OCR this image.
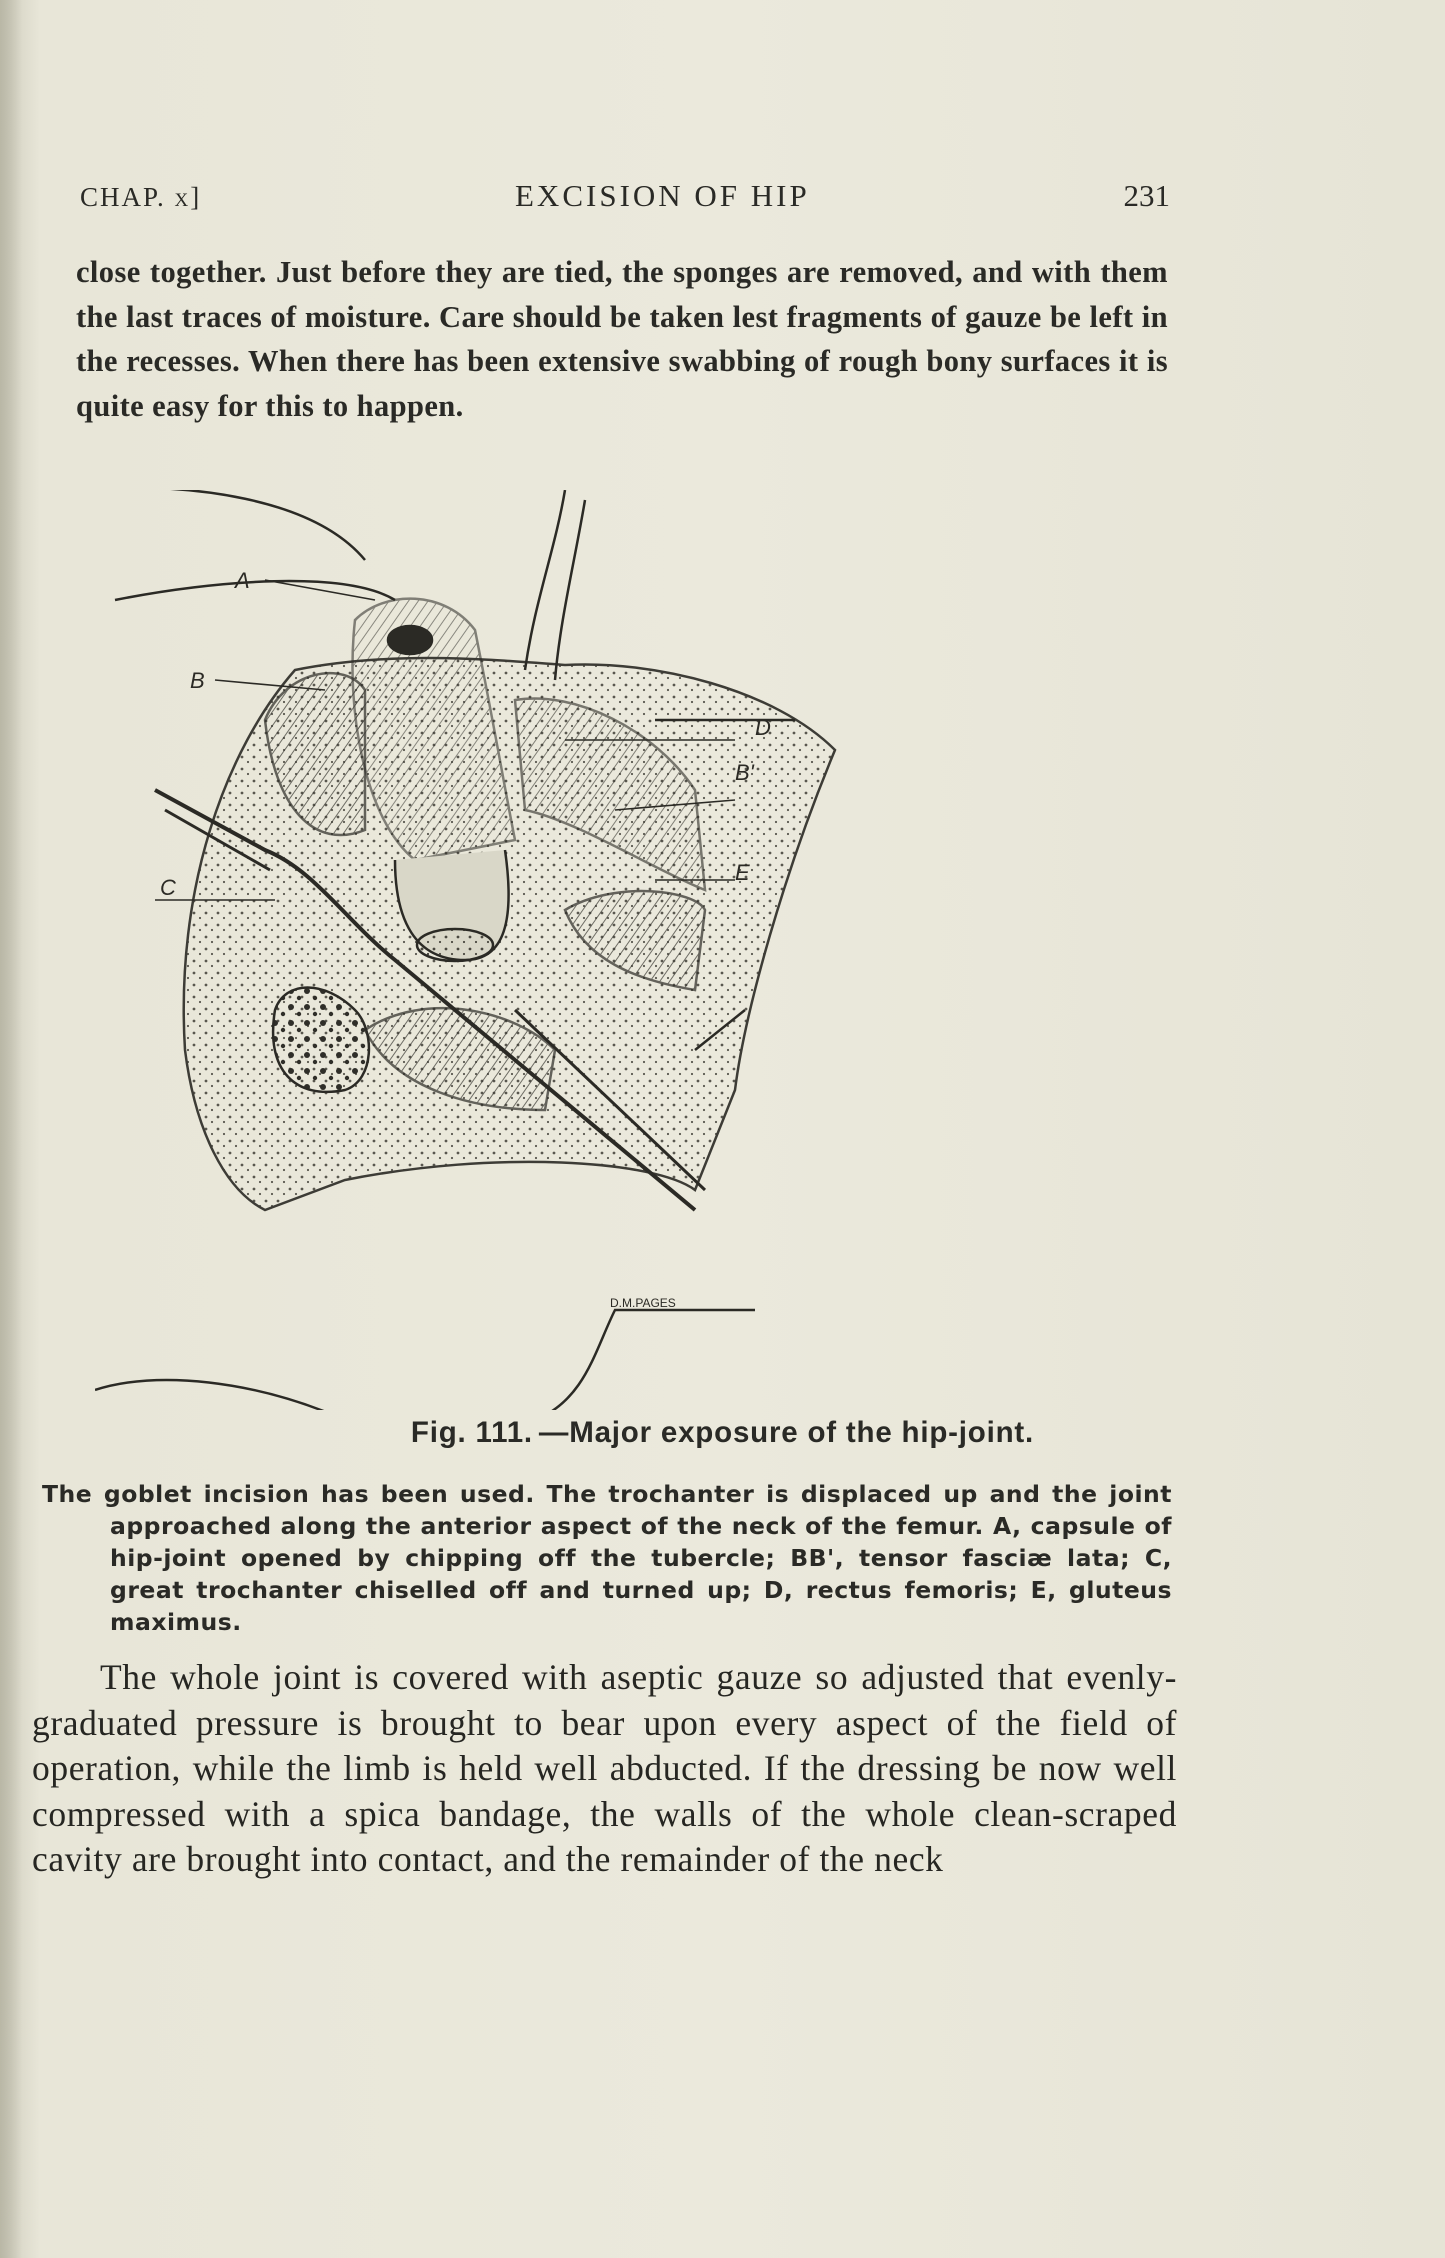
CHAP. x]	EXCISION OF HIP	231
close together. Just before they are tied, the sponges are removed, and with them the last traces of moisture. Care should be taken lest fragments of gauze be left in the recesses. When there has been extensive swabbing of rough bony surfaces it is quite easy for this to happen.
A
B
C
D
B'
E
D.M.PAGES
Fig. 111. —Major exposure of the hip-joint.
The goblet incision has been used. The trochanter is displaced up and the joint approached along the anterior aspect of the neck of the femur. A, capsule of hip-joint opened by chipping off the tubercle; BB', tensor fasciæ lata; C, great trochanter chiselled off and turned up; D, rectus femoris; E, gluteus maximus.
The whole joint is covered with aseptic gauze so adjusted that evenly-graduated pressure is brought to bear upon every aspect of the field of operation, while the limb is held well abducted. If the dressing be now well compressed with a spica bandage, the walls of the whole clean-scraped cavity are brought into contact, and the remainder of the neck
